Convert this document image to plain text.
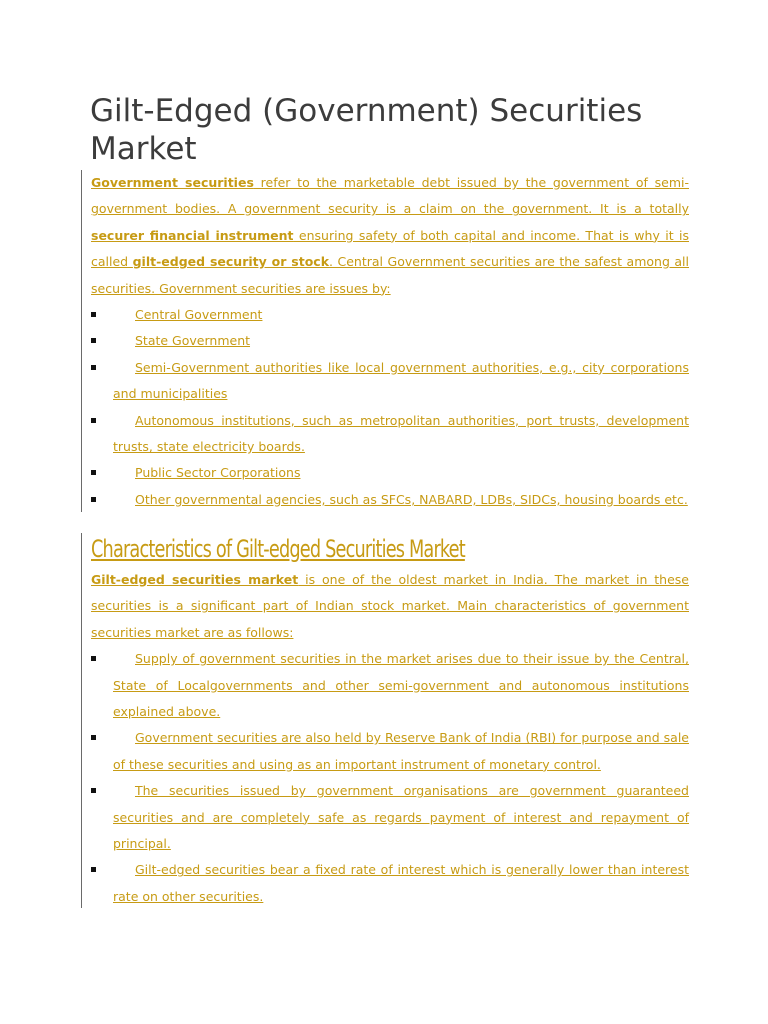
Gilt-Edged (Government) Securities Market

Government securities refer to the marketable debt issued by the government of semi-government bodies. A government security is a claim on the government. It is a totally securer financial instrument ensuring safety of both capital and income. That is why it is called gilt-edged security or stock. Central Government securities are the safest among all securities. Government securities are issues by:

Central Government
State Government
Semi-Government authorities like local government authorities, e.g., city corporations and municipalities
Autonomous institutions, such as metropolitan authorities, port trusts, development trusts, state electricity boards.
Public Sector Corporations
Other governmental agencies, such as SFCs, NABARD, LDBs, SIDCs, housing boards etc.
Characteristics of Gilt-edged Securities Market

Gilt-edged securities market is one of the oldest market in India. The market in these securities is a significant part of Indian stock market. Main characteristics of government securities market are as follows:

Supply of government securities in the market arises due to their issue by the Central, State of Localgovernments and other semi-government and autonomous institutions explained above.
Government securities are also held by Reserve Bank of India (RBI) for purpose and sale of these securities and using as an important instrument of monetary control.
The securities issued by government organisations are government guaranteed securities and are completely safe as regards payment of interest and repayment of principal.
Gilt-edged securities bear a fixed rate of interest which is generally lower than interest rate on other securities.
